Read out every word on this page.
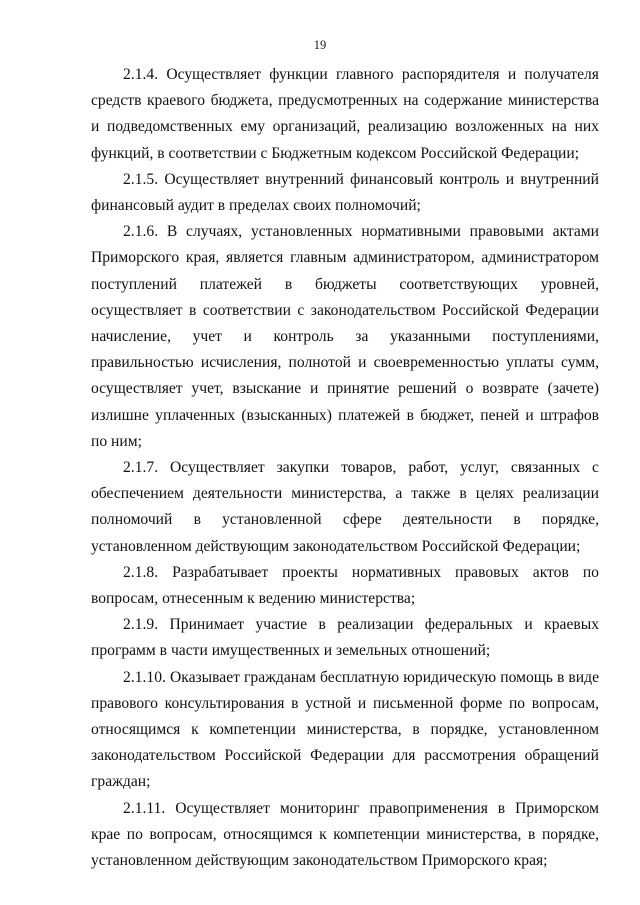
19

2.1.4. Осуществляет функции главного распорядителя и получателя средств краевого бюджета, предусмотренных на содержание министерства и подведомственных ему организаций, реализацию возложенных на них функций, в соответствии с Бюджетным кодексом Российской Федерации;

2.1.5. Осуществляет внутренний финансовый контроль и внутренний финансовый аудит в пределах своих полномочий;

2.1.6. В случаях, установленных нормативными правовыми актами Приморского края, является главным администратором, администратором поступлений платежей в бюджеты соответствующих уровней, осуществляет в соответствии с законодательством Российской Федерации начисление, учет и контроль за указанными поступлениями, правильностью исчисления, полнотой и своевременностью уплаты сумм, осуществляет учет, взыскание и принятие решений о возврате (зачете) излишне уплаченных (взысканных) платежей в бюджет, пеней и штрафов по ним;

2.1.7. Осуществляет закупки товаров, работ, услуг, связанных с обеспечением деятельности министерства, а также в целях реализации полномочий в установленной сфере деятельности в порядке, установленном действующим законодательством Российской Федерации;

2.1.8. Разрабатывает проекты нормативных правовых актов по вопросам, отнесенным к ведению министерства;

2.1.9. Принимает участие в реализации федеральных и краевых программ в части имущественных и земельных отношений;

2.1.10. Оказывает гражданам бесплатную юридическую помощь в виде правового консультирования в устной и письменной форме по вопросам, относящимся к компетенции министерства, в порядке, установленном законодательством Российской Федерации для рассмотрения обращений граждан;

2.1.11. Осуществляет мониторинг правоприменения в Приморском крае по вопросам, относящимся к компетенции министерства, в порядке, установленном действующим законодательством Приморского края;
